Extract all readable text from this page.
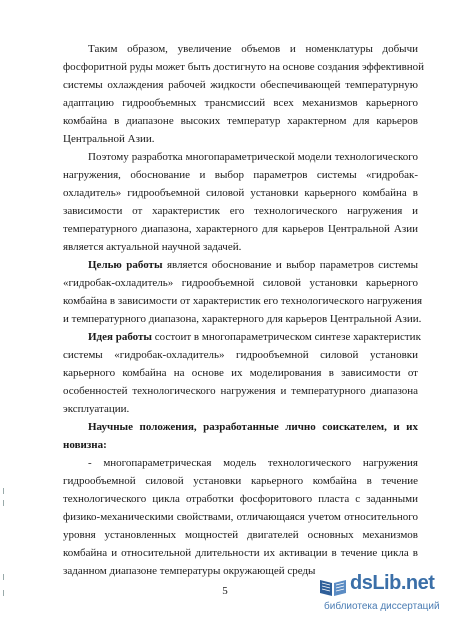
Таким образом, увеличение объемов и номенклатуры добычи
фосфоритной руды может быть достигнуто на основе создания эффективной
системы охлаждения рабочей жидкости обеспечивающей температурную
адаптацию гидрообъемных трансмиссий всех механизмов карьерного
комбайна в диапазоне высоких температур характерном для карьеров
Центральной Азии.
Поэтому разработка многопараметрической модели технологического
нагружения, обоснование и выбор параметров системы «гидробак-
охладитель» гидрообъемной силовой установки карьерного комбайна в
зависимости от характеристик его технологического нагружения и
температурного диапазона, характерного для карьеров Центральной Азии
является актуальной научной задачей.
Целью работы является обоснование и выбор параметров системы
«гидробак-охладитель» гидрообъемной силовой установки карьерного
комбайна в зависимости от характеристик его технологического нагружения
и температурного диапазона, характерного для карьеров Центральной Азии.
Идея работы состоит в многопараметрическом синтезе характеристик
системы «гидробак-охладитель» гидрообъемной силовой установки
карьерного комбайна на основе их моделирования в зависимости от
особенностей технологического нагружения и температурного диапазона
эксплуатации.
Научные положения, разработанные лично соискателем, и их
новизна:
- многопараметрическая модель технологического нагружения
гидрообъемной силовой установки карьерного комбайна в течение
технологического цикла отработки фосфоритового пласта с заданными
физико-механическими свойствами, отличающаяся учетом относительного
уровня установленных мощностей двигателей основных механизмов
комбайна и относительной длительности их активации в течение цикла в
заданном диапазоне температуры окружающей среды
5	dsLib.net
библиотека диссертаций
